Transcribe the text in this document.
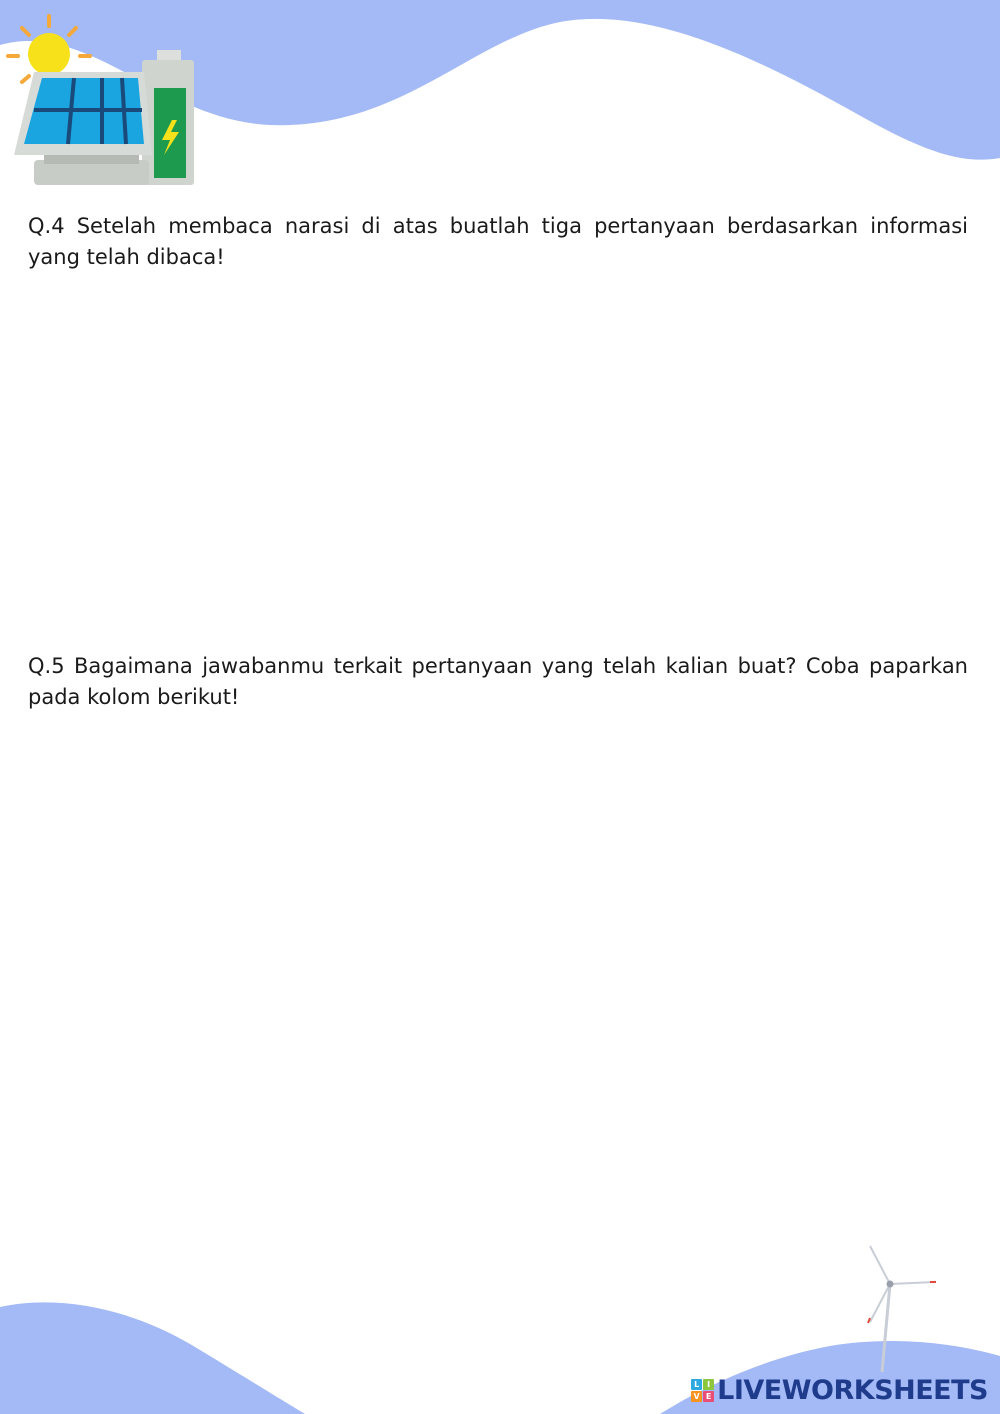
Q.4 Setelah membaca narasi di atas buatlah tiga pertanyaan berdasarkan informasi yang telah dibaca!

Q.5 Bagaimana jawabanmu terkait pertanyaan yang telah kalian buat? Coba paparkan pada kolom berikut!

L I
V E LIVEWORKSHEETS
